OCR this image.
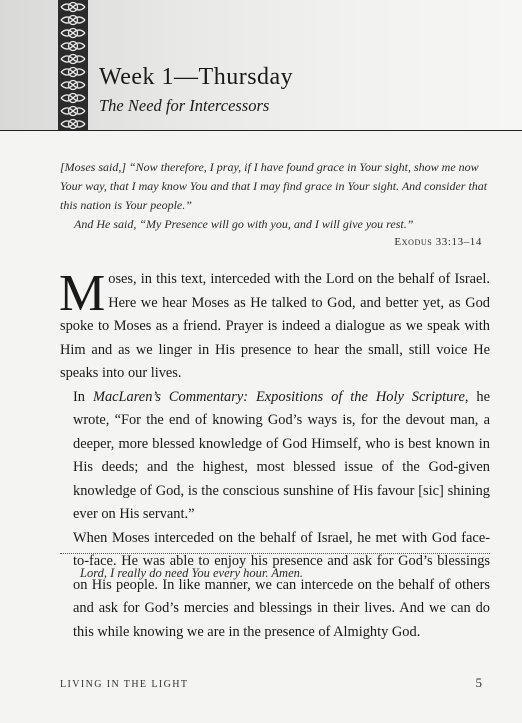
Week 1—Thursday
The Need for Intercessors

[Moses said,] “Now therefore, I pray, if I have found grace in Your sight, show me now Your way, that I may know You and that I may find grace in Your sight. And consider that this nation is Your people.”

And He said, “My Presence will go with you, and I will give you rest.”

Exodus 33:13–14

Moses, in this text, interceded with the Lord on the behalf of Israel. Here we hear Moses as He talked to God, and better yet, as God spoke to Moses as a friend. Prayer is indeed a dialogue as we speak with Him and as we linger in His presence to hear the small, still voice He speaks into our lives.

In MacLaren’s Commentary: Expositions of the Holy Scripture, he wrote, “For the end of knowing God’s ways is, for the devout man, a deeper, more blessed knowledge of God Himself, who is best known in His deeds; and the highest, most blessed issue of the God-given knowledge of God, is the conscious sunshine of His favour [sic] shining ever on His servant.”

When Moses interceded on the behalf of Israel, he met with God face-to-face. He was able to enjoy his presence and ask for God’s blessings on His people. In like manner, we can intercede on the behalf of others and ask for God’s mercies and blessings in their lives. And we can do this while knowing we are in the presence of Almighty God.

Lord, I really do need You every hour. Amen.
LIVING IN THE LIGHT	5
